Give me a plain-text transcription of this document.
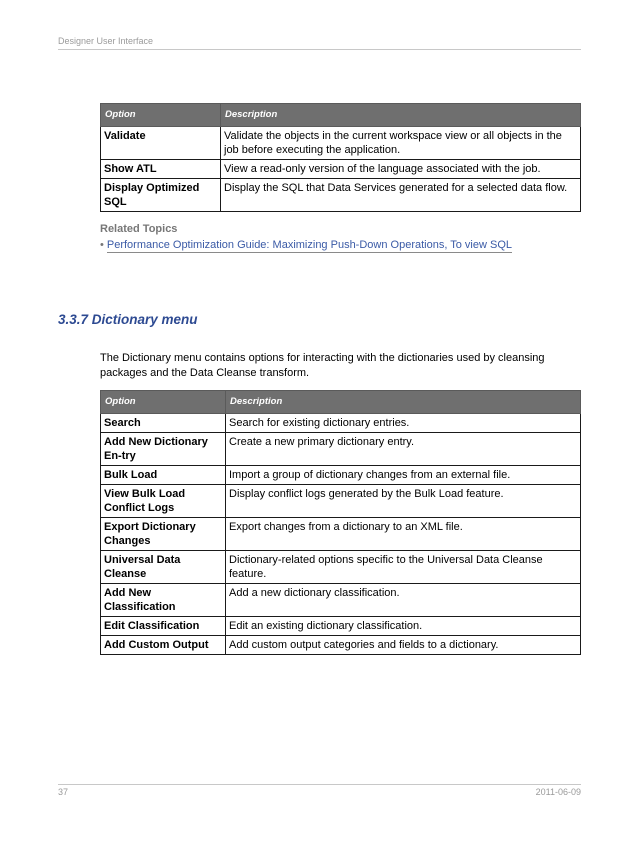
Designer User Interface
Option	Description
Validate	Validate the objects in the current workspace view or all objects in the job before executing the application.
Show ATL	View a read-only version of the language associated with the job.
Display Optimized SQL	Display the SQL that Data Services generated for a selected data flow.
Related Topics
• Performance Optimization Guide: Maximizing Push-Down Operations, To view SQL
3.3.7 Dictionary menu
The Dictionary menu contains options for interacting with the dictionaries used by cleansing packages and the Data Cleanse transform.
Option	Description
Search	Search for existing dictionary entries.
Add New Dictionary En-try	Create a new primary dictionary entry.
Bulk Load	Import a group of dictionary changes from an external file.
View Bulk Load Conflict Logs	Display conflict logs generated by the Bulk Load feature.
Export Dictionary Changes	Export changes from a dictionary to an XML file.
Universal Data Cleanse	Dictionary-related options specific to the Universal Data Cleanse feature.
Add New Classification	Add a new dictionary classification.
Edit Classification	Edit an existing dictionary classification.
Add Custom Output	Add custom output categories and fields to a dictionary.
37	2011-06-09
